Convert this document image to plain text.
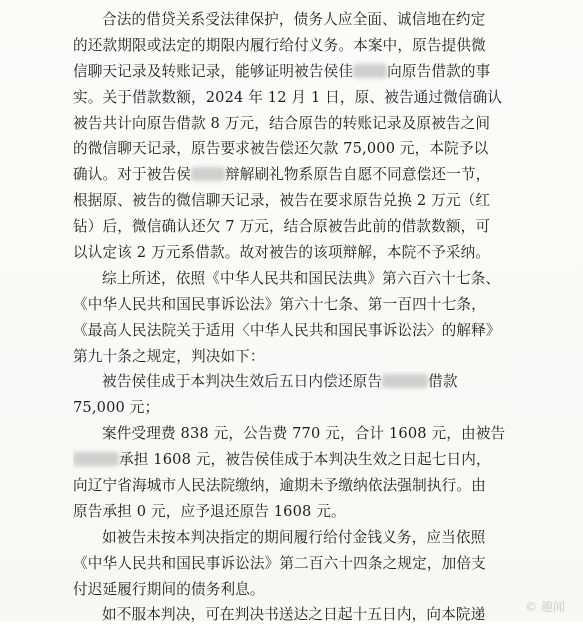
合法的借贷关系受法律保护，债务人应全面、诚信地在约定
的还款期限或法定的期限内履行给付义务。本案中，原告提供微
信聊天记录及转账记录，能够证明被告侯佳 向原告借款的事
实。关于借款数额，2024 年 12 月 1 日，原、被告通过微信确认
被告共计向原告借款 8 万元，结合原告的转账记录及原被告之间
的微信聊天记录，原告要求被告偿还欠款 75,000 元，本院予以
确认。对于被告侯 辩解刷礼物系原告自愿不同意偿还一节，
根据原、被告的微信聊天记录，被告在要求原告兑换 2 万元（红
钻）后，微信确认还欠 7 万元，结合原被告此前的借款数额，可
以认定该 2 万元系借款。故对被告的该项辩解，本院不予采纳。
综上所述，依照《中华人民共和国民法典》第六百六十七条、
《中华人民共和国民事诉讼法》第六十七条、第一百四十七条，
《最高人民法院关于适用〈中华人民共和国民事诉讼法〉的解释》
第九十条之规定，判决如下：
被告侯佳成于本判决生效后五日内偿还原告	借款
75,000 元；
案件受理费 838 元，公告费 770 元，合计 1608 元，由被告
承担 1608 元，被告侯佳成于本判决生效之日起七日内，
向辽宁省海城市人民法院缴纳，逾期未予缴纳依法强制执行。由
原告承担 0 元，应予退还原告 1608 元。
如被告未按本判决指定的期间履行给付金钱义务，应当依照
《中华人民共和国民事诉讼法》第二百六十四条之规定，加倍支
付迟延履行期间的债务利息。
如不服本判决，可在判决书送达之日起十五日内，向本院递	© 趣闻
